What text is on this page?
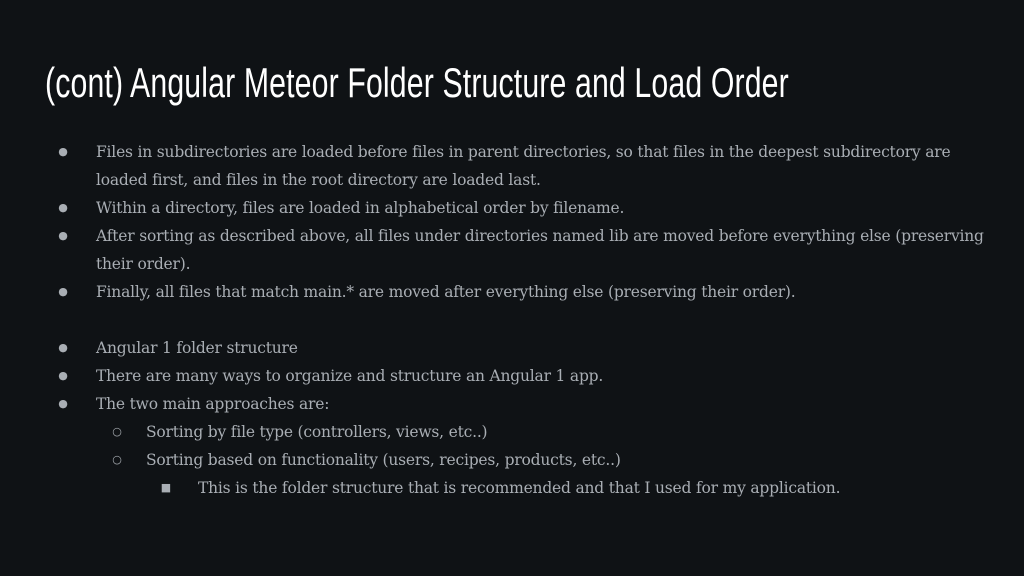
(cont) Angular Meteor Folder Structure and Load Order
● Files in subdirectories are loaded before files in parent directories, so that files in the deepest subdirectory are loaded first, and files in the root directory are loaded last.
● Within a directory, files are loaded in alphabetical order by filename.
● After sorting as described above, all files under directories named lib are moved before everything else (preserving their order).
● Finally, all files that match main.* are moved after everything else (preserving their order).
● Angular 1 folder structure
● There are many ways to organize and structure an Angular 1 app.
● The two main approaches are:
○ Sorting by file type (controllers, views, etc..)
○ Sorting based on functionality (users, recipes, products, etc..)
■ This is the folder structure that is recommended and that I used for my application.
